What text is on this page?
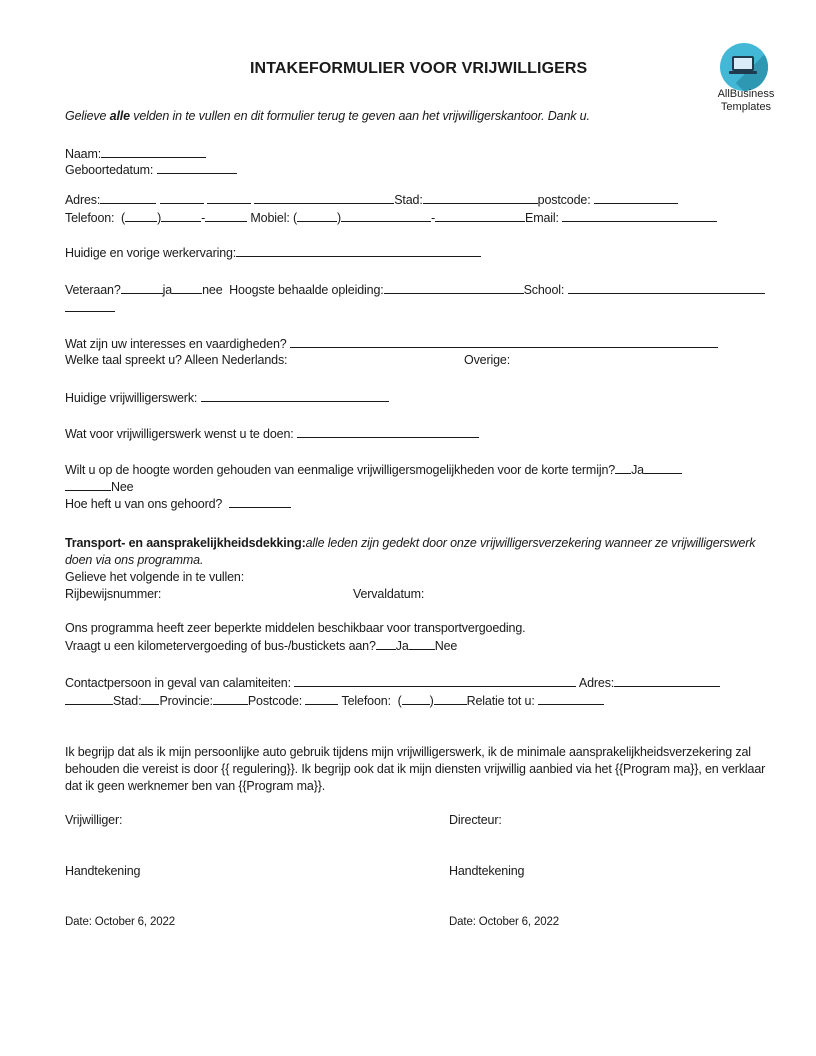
INTAKEFORMULIER VOOR VRIJWILLIGERS
AllBusiness
Templates
Gelieve alle velden in te vullen en dit formulier terug te geven aan het vrijwilligerskantoor. Dank u.
Naam:
Geboortedatum:
Adres:	Stad:	postcode:
Telefoon: (	)	-	Mobiel: (	)	-	Email:
Huidige en vorige werkervaring:
Veteraan?	ja nee Hoogste behaalde opleiding:	School:
Wat zijn uw interesses en vaardigheden?
Welke taal spreekt u? Alleen Nederlands:	Overige:
Huidige vrijwilligerswerk:
Wat voor vrijwilligerswerk wenst u te doen:
Wilt u op de hoogte worden gehouden van eenmalige vrijwilligersmogelijkheden voor de korte termijn? Ja
Nee
Hoe heft u van ons gehoord?
Transport- en aansprakelijkheidsdekking:alle leden zijn gedekt door onze vrijwilligersverzekering wanneer ze vrijwilligerswerk
doen via ons programma.
Gelieve het volgende in te vullen:
Rijbewijsnummer:	Vervaldatum:
Ons programma heeft zeer beperkte middelen beschikbaar voor transportvergoeding.
Vraagt u een kilometervergoeding of bus-/bustickets aan? Ja Nee
Contactpersoon in geval van calamiteiten:	Adres:
Stad: Provincie:	Postcode:	Telefoon: ( )	Relatie tot u:
Ik begrijp dat als ik mijn persoonlijke auto gebruik tijdens mijn vrijwilligerswerk, ik de minimale aansprakelijkheidsverzekering zal
behouden die vereist is door {{ regulering}}. Ik begrijp ook dat ik mijn diensten vrijwillig aanbied via het {{Program ma}}, en verklaar
dat ik geen werknemer ben van {{Program ma}}.
Vrijwilliger:	Directeur:
Handtekening	Handtekening
Date: October 6, 2022	Date: October 6, 2022
